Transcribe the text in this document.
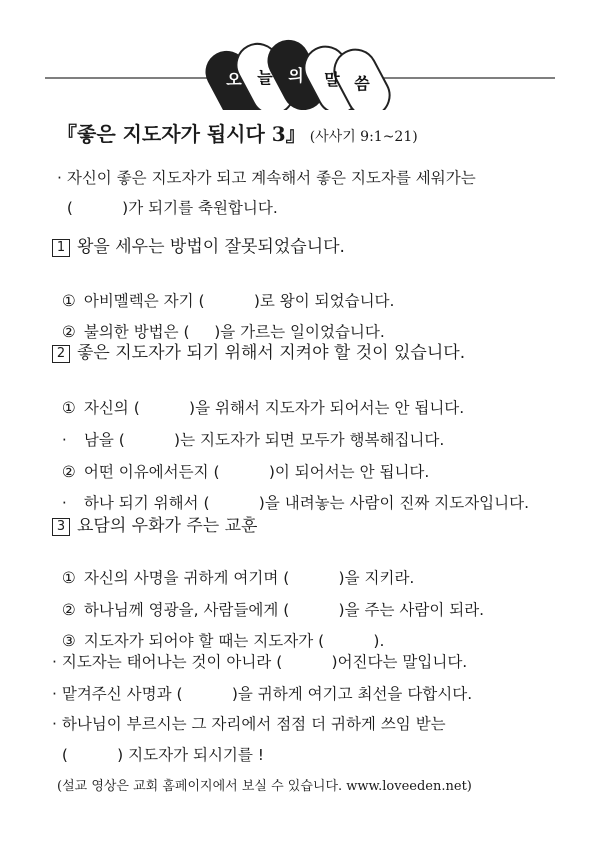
오 늘 의	말 씀
『좋은 지도자가 됩시다 3』 (사사기 9:1~21)
· 자신이 좋은 지도자가 되고 계속해서 좋은 지도자를 세워가는
(          )가 되기를 축원합니다.
1 왕을 세우는 방법이 잘못되었습니다.

① 아비멜렉은 자기 (          )로 왕이 되었습니다.

② 불의한 방법은 (     )을 가르는 일이었습니다.

2 좋은 지도자가 되기 위해서 지켜야 할 것이 있습니다.

① 자신의 (          )을 위해서 지도자가 되어서는 안 됩니다.

· 남을 (          )는 지도자가 되면 모두가 행복해집니다.

② 어떤 이유에서든지 (          )이 되어서는 안 됩니다.

· 하나 되기 위해서 (          )을 내려놓는 사람이 진짜 지도자입니다.

3 요담의 우화가 주는 교훈

① 자신의 사명을 귀하게 여기며 (          )을 지키라.

② 하나님께 영광을, 사람들에게 (          )을 주는 사람이 되라.

③ 지도자가 되어야 할 때는 지도자가 (          ).

· 지도자는 태어나는 것이 아니라 (          )어진다는 말입니다.
· 맡겨주신 사명과 (          )을 귀하게 여기고 최선을 다합시다.
· 하나님이 부르시는 그 자리에서 점점 더 귀하게 쓰임 받는
(          ) 지도자가 되시기를 !
(설교 영상은 교회 홈페이지에서 보실 수 있습니다. www.loveeden.net)
